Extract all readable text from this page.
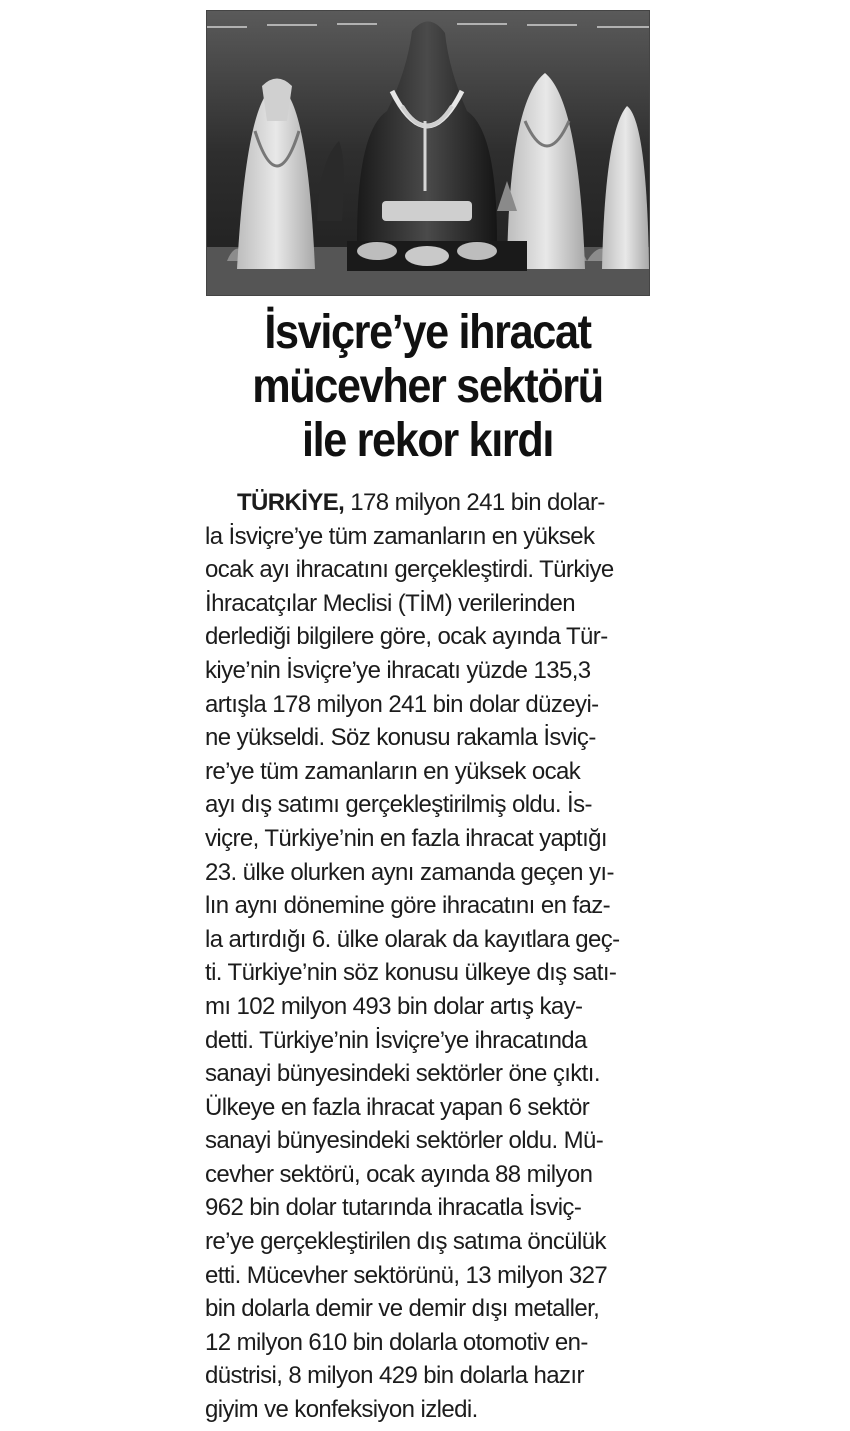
İsviçre’ye ihracat
mücevher sektörü
ile rekor kırdı
TÜRKİYE, 178 milyon 241 bin dolar-
la İsviçre’ye tüm zamanların en yüksek
ocak ayı ihracatını gerçekleştirdi. Türkiye
İhracatçılar Meclisi (TİM) verilerinden
derlediği bilgilere göre, ocak ayında Tür-
kiye’nin İsviçre’ye ihracatı yüzde 135,3
artışla 178 milyon 241 bin dolar düzeyi-
ne yükseldi. Söz konusu rakamla İsviç-
re’ye tüm zamanların en yüksek ocak
ayı dış satımı gerçekleştirilmiş oldu. İs-
viçre, Türkiye’nin en fazla ihracat yaptığı
23. ülke olurken aynı zamanda geçen yı-
lın aynı dönemine göre ihracatını en faz-
la artırdığı 6. ülke olarak da kayıtlara geç-
ti. Türkiye’nin söz konusu ülkeye dış satı-
mı 102 milyon 493 bin dolar artış kay-
detti. Türkiye’nin İsviçre’ye ihracatında
sanayi bünyesindeki sektörler öne çıktı.
Ülkeye en fazla ihracat yapan 6 sektör
sanayi bünyesindeki sektörler oldu. Mü-
cevher sektörü, ocak ayında 88 milyon
962 bin dolar tutarında ihracatla İsviç-
re’ye gerçekleştirilen dış satıma öncülük
etti. Mücevher sektörünü, 13 milyon 327
bin dolarla demir ve demir dışı metaller,
12 milyon 610 bin dolarla otomotiv en-
düstrisi, 8 milyon 429 bin dolarla hazır
giyim ve konfeksiyon izledi.
